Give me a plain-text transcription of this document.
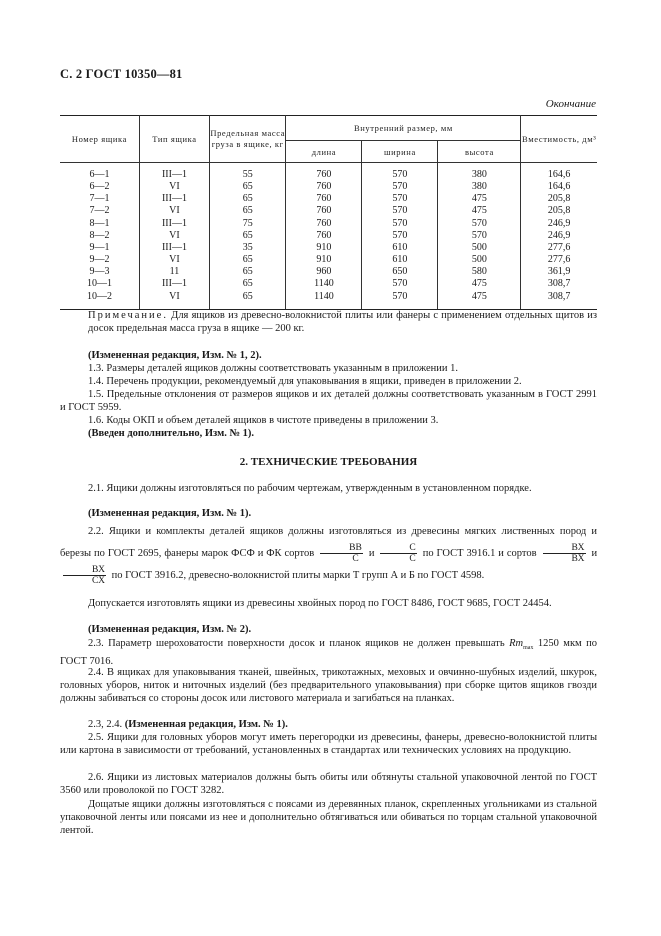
С. 2 ГОСТ 10350—81
Окончание
Номер ящика	Тип ящика	Предельная масса груза в ящике, кг	Внутренний размер, мм			Вместимость, дм³
			длина	ширина	высота	
6—1	III—1	55	760	570	380	164,6
6—2	VI	65	760	570	380	164,6
7—1	III—1	65	760	570	475	205,8
7—2	VI	65	760	570	475	205,8
8—1	III—1	75	760	570	570	246,9
8—2	VI	65	760	570	570	246,9
9—1	III—1	35	910	610	500	277,6
9—2	VI	65	910	610	500	277,6
9—3	11	65	960	650	580	361,9
10—1	III—1	65	1140	570	475	308,7
10—2	VI	65	1140	570	475	308,7
Примечание. Для ящиков из древесно-волокнистой плиты или фанеры с применением отдельных щитов из досок предельная масса груза в ящике — 200 кг.
(Измененная редакция, Изм. № 1, 2).
1.3. Размеры деталей ящиков должны соответствовать указанным в приложении 1.
1.4. Перечень продукции, рекомендуемый для упаковывания в ящики, приведен в приложении 2.
1.5. Предельные отклонения от размеров ящиков и их деталей должны соответствовать указанным в ГОСТ 2991 и ГОСТ 5959.
1.6. Коды ОКП и объем деталей ящиков в чистоте приведены в приложении 3.
(Введен дополнительно, Изм. № 1).
2. ТЕХНИЧЕСКИЕ ТРЕБОВАНИЯ
2.1. Ящики должны изготовляться по рабочим чертежам, утвержденным в установленном порядке.
(Измененная редакция, Изм. № 1).
2.2. Ящики и комплекты деталей ящиков должны изготовляться из древесины мягких лиственных пород и березы по ГОСТ 2695, фанеры марок ФСФ и ФК сортов $\frac{ВВ}{С}$ и $\frac{С}{С}$ по ГОСТ 3916.1 и сортов $\frac{ВХ}{ВХ}$ и
$\frac{ВХ}{СХ}$ по ГОСТ 3916.2, древесно-волокнистой плиты марки Т групп А и Б по ГОСТ 4598.
Допускается изготовлять ящики из древесины хвойных пород по ГОСТ 8486, ГОСТ 9685, ГОСТ 24454.
(Измененная редакция, Изм. № 2).
2.3. Параметр шероховатости поверхности досок и планок ящиков не должен превышать $Rm_{max}$ 1250 мкм по ГОСТ 7016.
2.4. В ящиках для упаковывания тканей, швейных, трикотажных, меховых и овчинно-шубных изделий, шкурок, головных уборов, ниток и ниточных изделий (без предварительного упаковывания) при сборке щитов ящиков гвозди должны забиваться со стороны досок или листового материала и загибаться на планках.
2.3, 2.4. (Измененная редакция, Изм. № 1).
2.5. Ящики для головных уборов могут иметь перегородки из древесины, фанеры, древесно-волокнистой плиты или картона в зависимости от требований, установленных в стандартах или технических условиях на продукцию.
2.6. Ящики из листовых материалов должны быть обиты или обтянуты стальной упаковочной лентой по ГОСТ 3560 или проволокой по ГОСТ 3282.
Дощатые ящики должны изготовляться с поясами из деревянных планок, скрепленных угольниками из стальной упаковочной ленты или поясами из нее и дополнительно обтягиваться или обиваться по торцам стальной упаковочной лентой.
